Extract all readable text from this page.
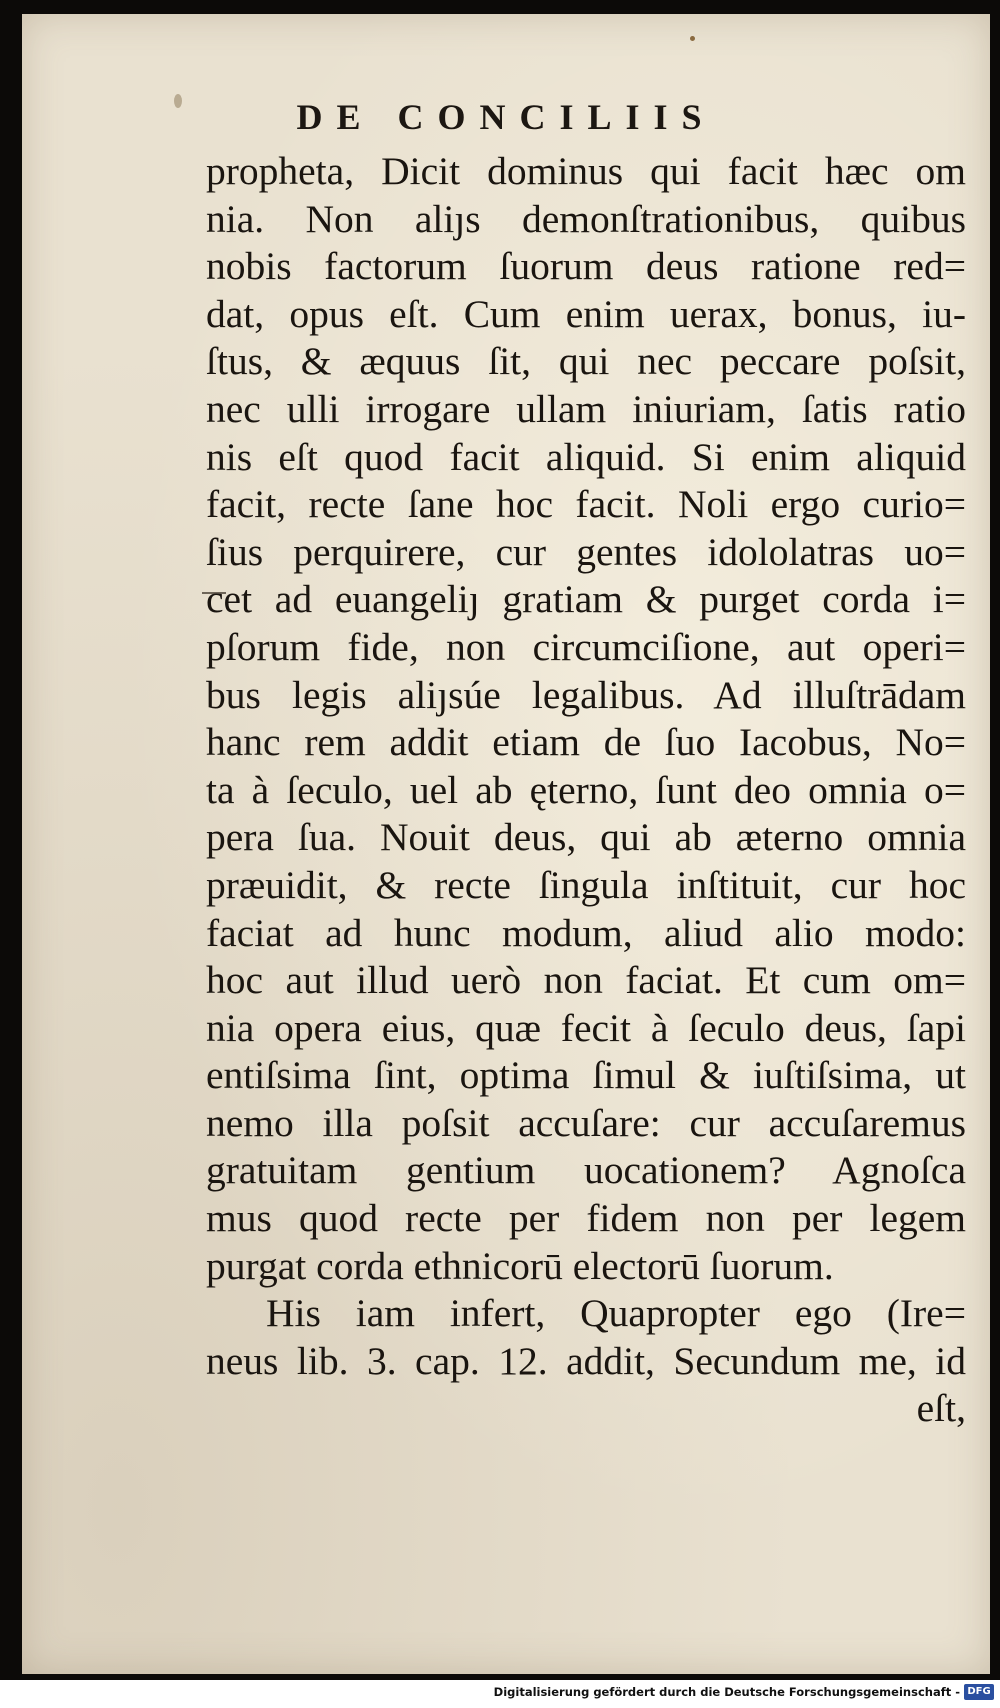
DE CONCILIIS
propheta, Dicit dominus qui facit hæc om
nia. Non aliȷs demonſtrationibus, quibus
nobis factorum ſuorum deus ratione red=
dat, opus eſt. Cum enim uerax, bonus, iu-
ſtus, & æquus ſit, qui nec peccare poſsit,
nec ulli irrogare ullam iniuriam, ſatis ratio
nis eſt quod facit aliquid. Si enim aliquid
facit, recte ſane hoc facit. Noli ergo curio=
ſius perquirere, cur gentes idololatras uo=
cet ad euangeliȷ gratiam & purget corda i=
pſorum fide, non circumciſione, aut operi=
bus legis aliȷsúe legalibus. Ad illuſtrādam
hanc rem addit etiam de ſuo Iacobus, No=
ta à ſeculo, uel ab ęterno, ſunt deo omnia o=
pera ſua. Nouit deus, qui ab æterno omnia
præuidit, & recte ſingula inſtituit, cur hoc
faciat ad hunc modum, aliud alio modo:
hoc aut illud uerò non faciat. Et cum om=
nia opera eius, quæ fecit à ſeculo deus, ſapi
entiſsima ſint, optima ſimul & iuſtiſsima, ut
nemo illa poſsit accuſare: cur accuſaremus
gratuitam gentium uocationem? Agnoſca
mus quod recte per fidem non per legem
purgat corda ethnicorū electorū ſuorum.
His iam infert, Quapropter ego (Ire=
neus lib. 3. cap. 12. addit, Secundum me, id
eſt,
Digitalisierung gefördert durch die Deutsche Forschungsgemeinschaft - DFG
